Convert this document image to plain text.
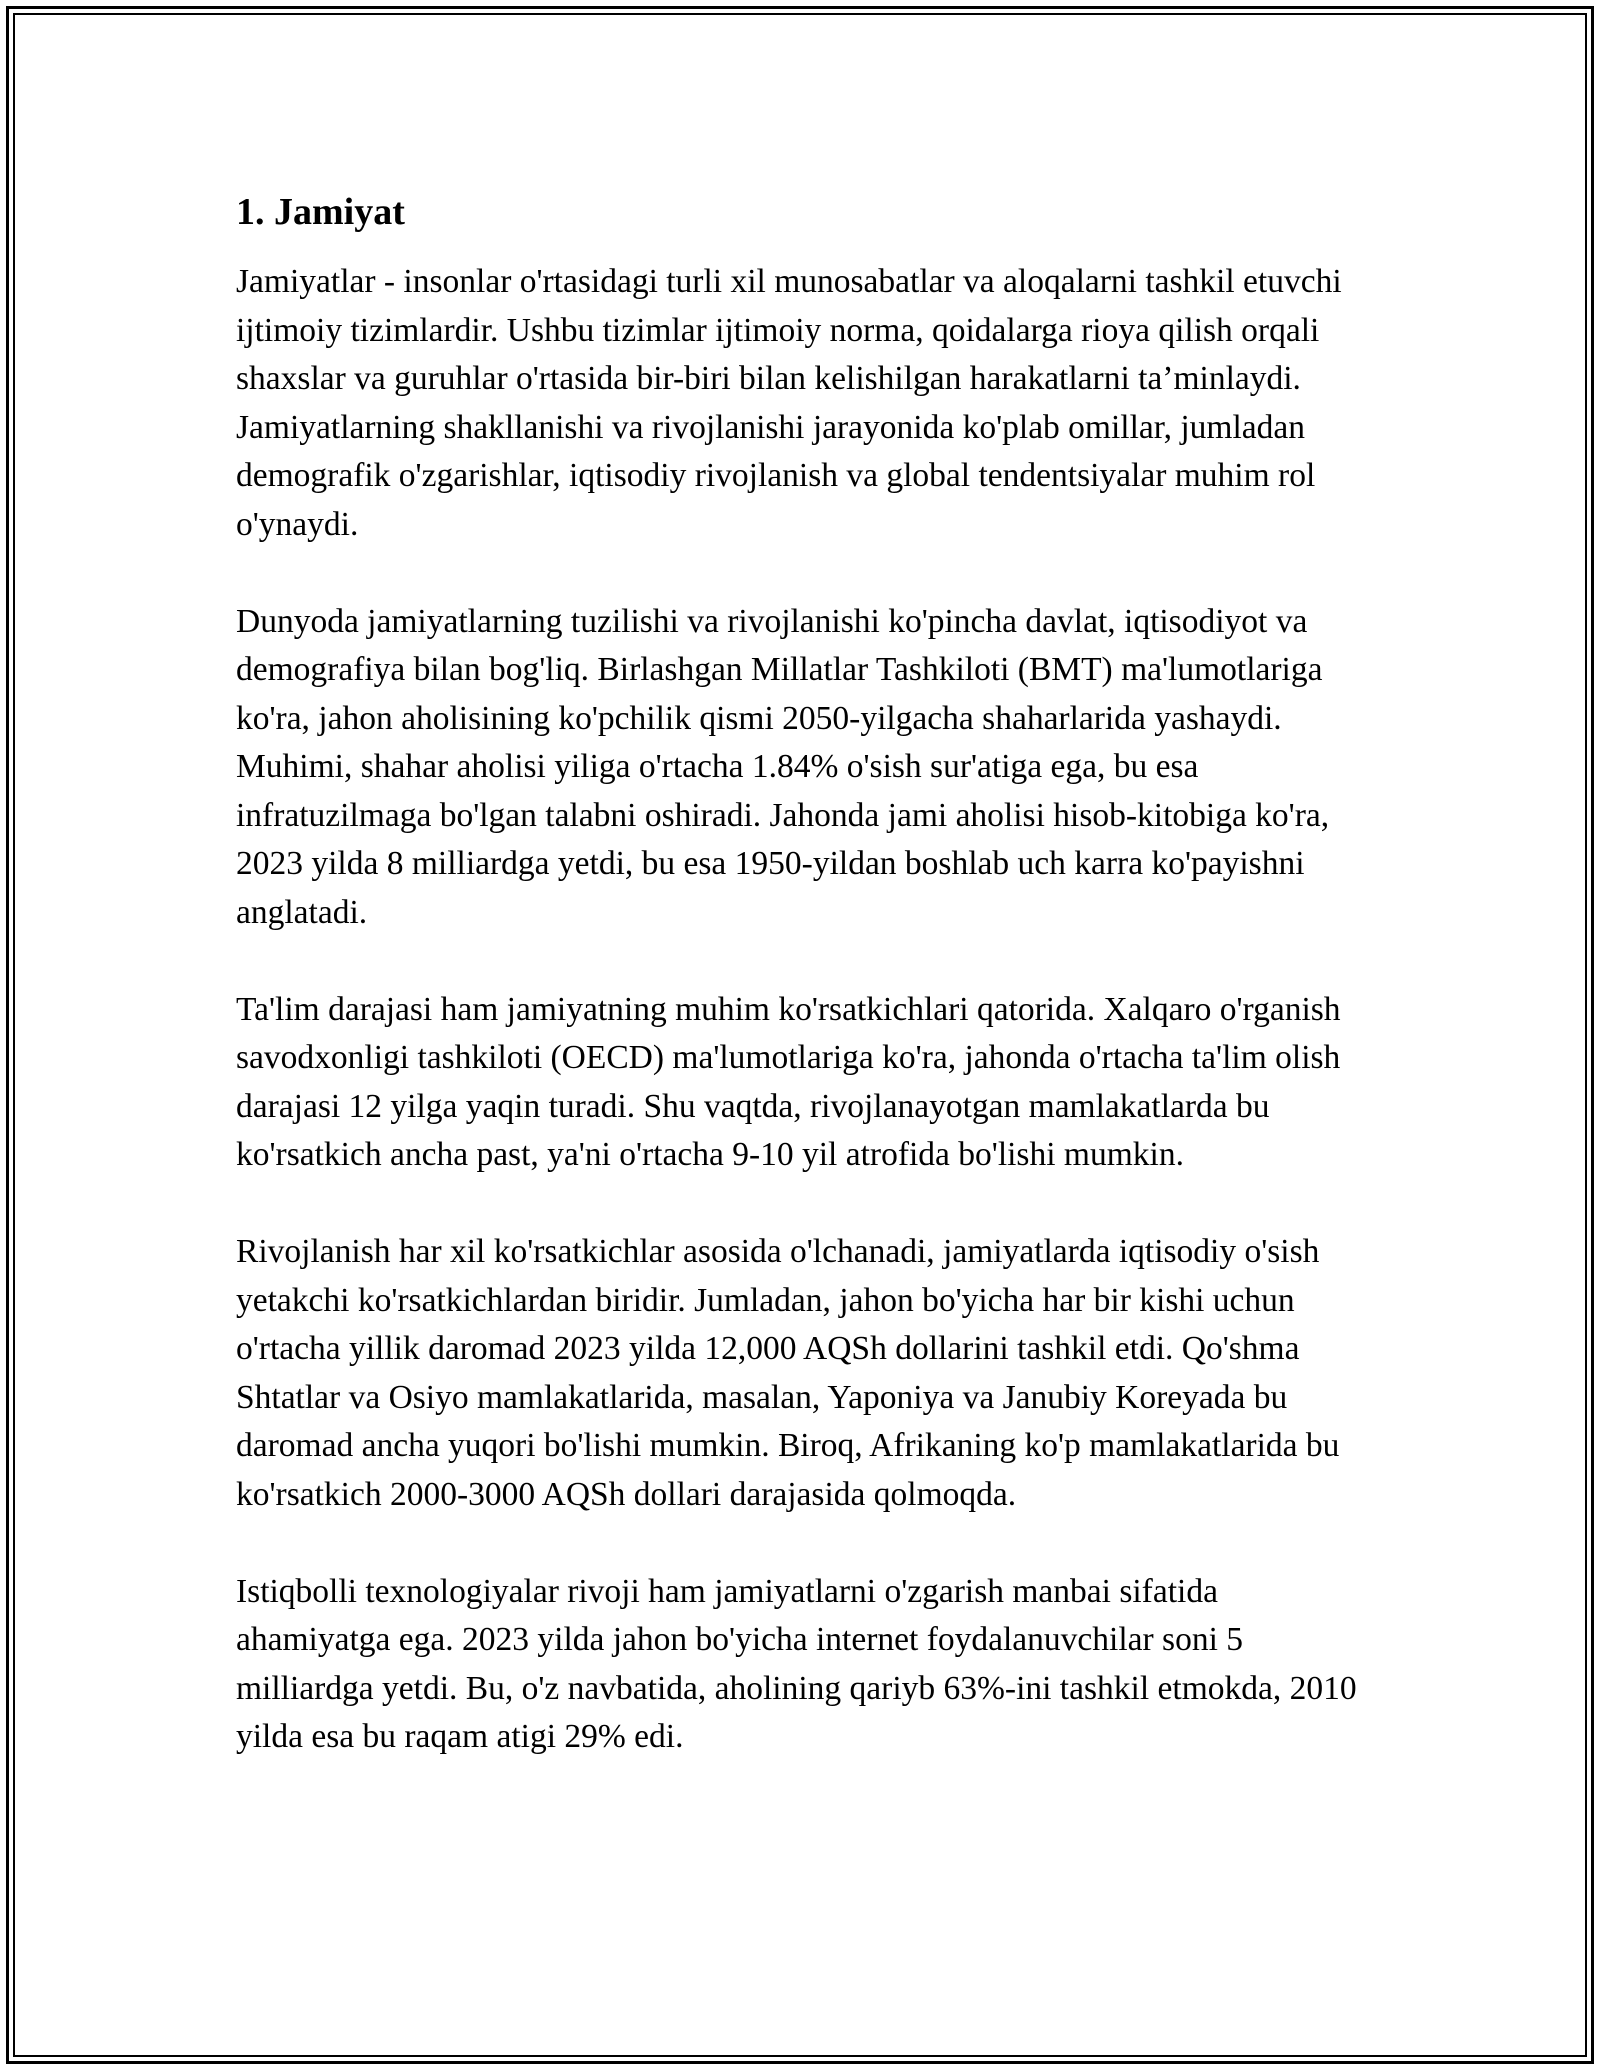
1. Jamiyat

Jamiyatlar - insonlar o'rtasidagi turli xil munosabatlar va aloqalarni tashkil etuvchi ijtimoiy tizimlardir. Ushbu tizimlar ijtimoiy norma, qoidalarga rioya qilish orqali shaxslar va guruhlar o'rtasida bir-biri bilan kelishilgan harakatlarni ta’minlaydi. Jamiyatlarning shakllanishi va rivojlanishi jarayonida ko'plab omillar, jumladan demografik o'zgarishlar, iqtisodiy rivojlanish va global tendentsiyalar muhim rol o'ynaydi.

Dunyoda jamiyatlarning tuzilishi va rivojlanishi ko'pincha davlat, iqtisodiyot va demografiya bilan bog'liq. Birlashgan Millatlar Tashkiloti (BMT) ma'lumotlariga ko'ra, jahon aholisining ko'pchilik qismi 2050-yilgacha shaharlarida yashaydi. Muhimi, shahar aholisi yiliga o'rtacha 1.84% o'sish sur'atiga ega, bu esa infratuzilmaga bo'lgan talabni oshiradi. Jahonda jami aholisi hisob-kitobiga ko'ra, 2023 yilda 8 milliardga yetdi, bu esa 1950-yildan boshlab uch karra ko'payishni anglatadi.

Ta'lim darajasi ham jamiyatning muhim ko'rsatkichlari qatorida. Xalqaro o'rganish savodxonligi tashkiloti (OECD) ma'lumotlariga ko'ra, jahonda o'rtacha ta'lim olish darajasi 12 yilga yaqin turadi. Shu vaqtda, rivojlanayotgan mamlakatlarda bu ko'rsatkich ancha past, ya'ni o'rtacha 9-10 yil atrofida bo'lishi mumkin.

Rivojlanish har xil ko'rsatkichlar asosida o'lchanadi, jamiyatlarda iqtisodiy o'sish yetakchi ko'rsatkichlardan biridir. Jumladan, jahon bo'yicha har bir kishi uchun o'rtacha yillik daromad 2023 yilda 12,000 AQSh dollarini tashkil etdi. Qo'shma Shtatlar va Osiyo mamlakatlarida, masalan, Yaponiya va Janubiy Koreyada bu daromad ancha yuqori bo'lishi mumkin. Biroq, Afrikaning ko'p mamlakatlarida bu ko'rsatkich 2000-3000 AQSh dollari darajasida qolmoqda.

Istiqbolli texnologiyalar rivoji ham jamiyatlarni o'zgarish manbai sifatida ahamiyatga ega. 2023 yilda jahon bo'yicha internet foydalanuvchilar soni 5 milliardga yetdi. Bu, o'z navbatida, aholining qariyb 63%-ini tashkil etmokda, 2010 yilda esa bu raqam atigi 29% edi.
